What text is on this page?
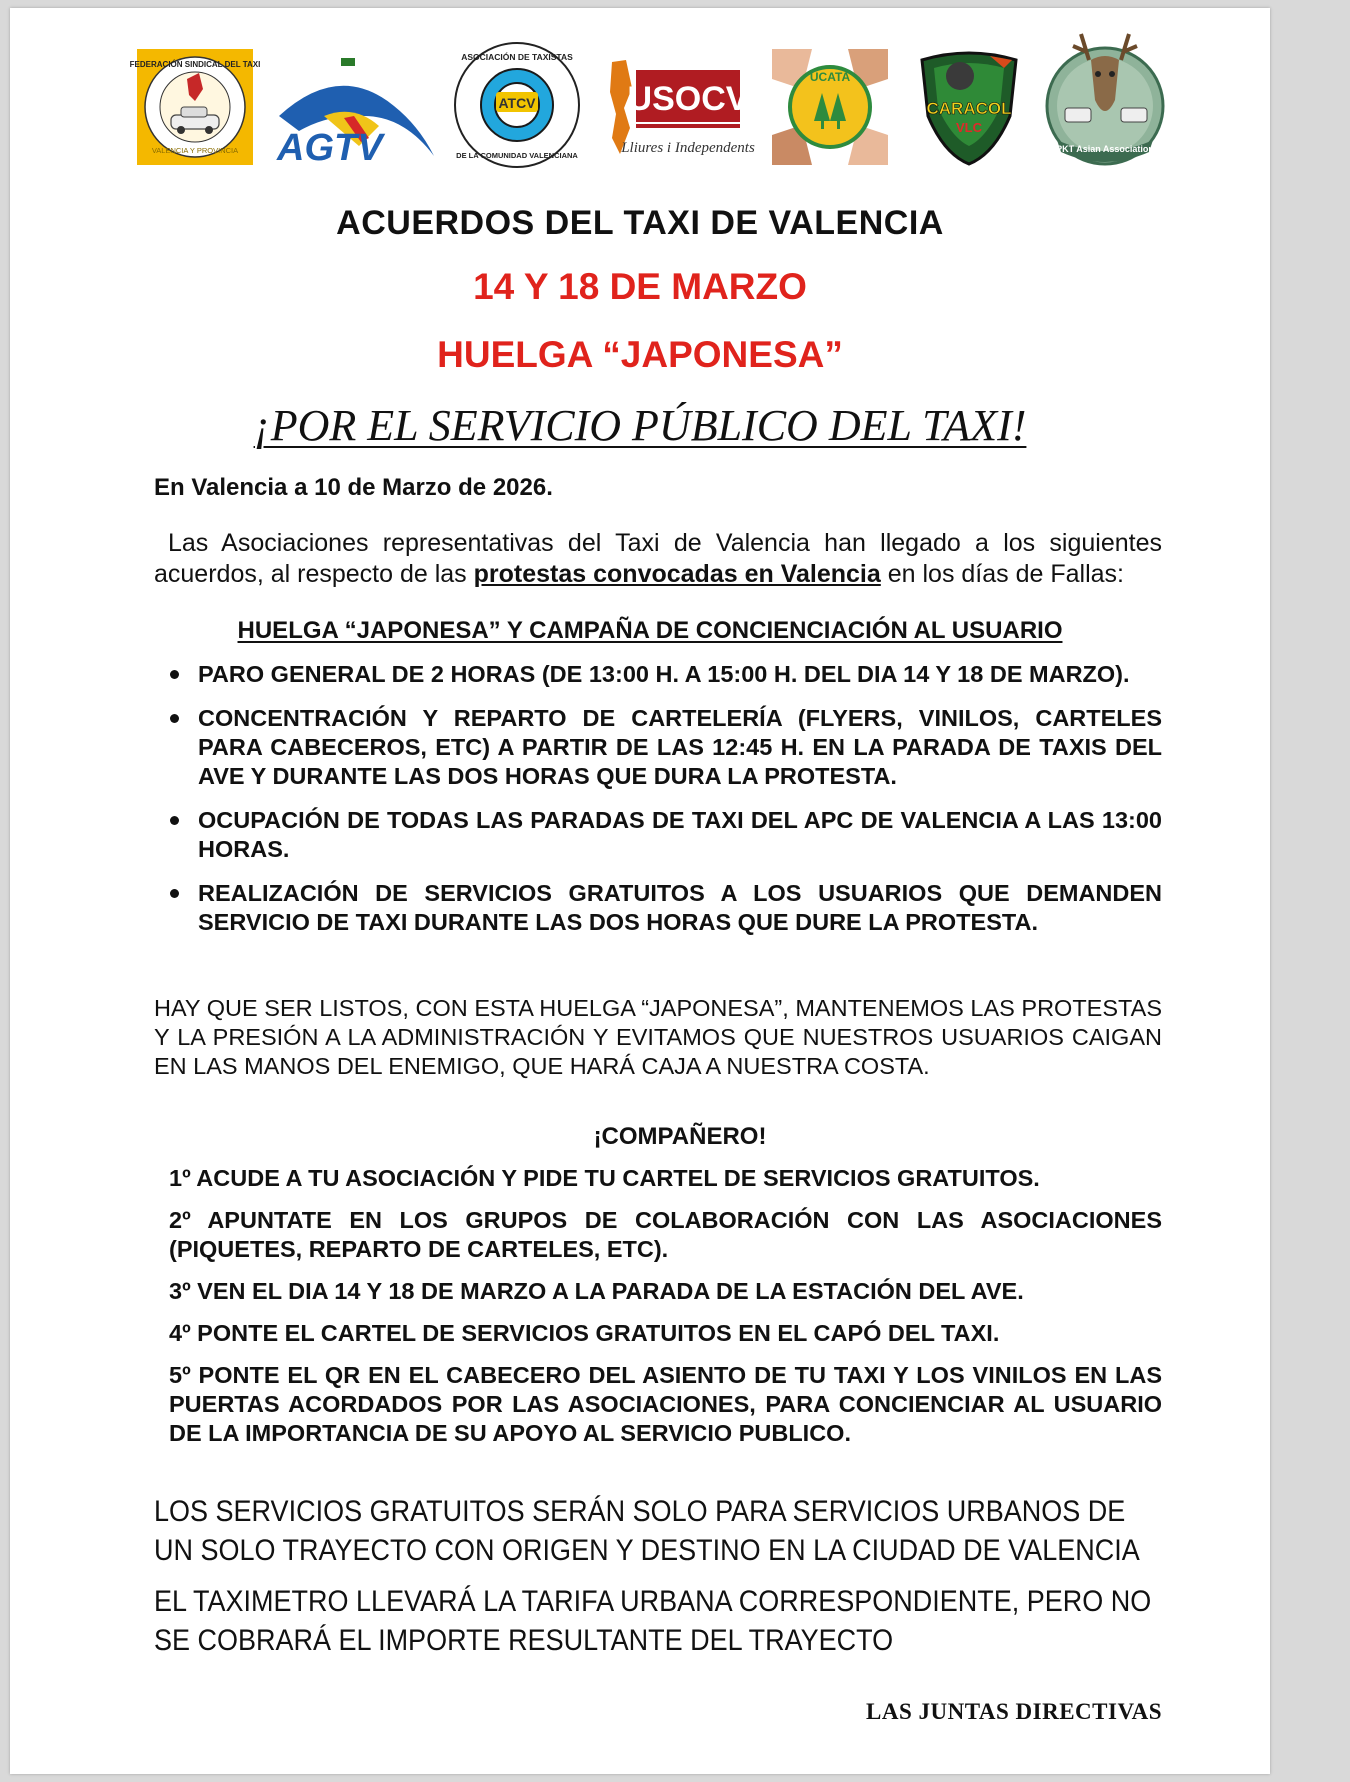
FEDERACIÓN SINDICAL DEL TAXI
VALENCIA Y PROVINCIA AGTV
ATCV
ASOCIACIÓN DE TAXISTAS
DE LA COMUNIDAD VALENCIANA
USOCV
Lliures i Independents
UCATA
CARACOL
VLC
PKT Asian Association
ACUERDOS DEL TAXI DE VALENCIA
14 Y 18 DE MARZO
HUELGA “JAPONESA”
¡POR EL SERVICIO PÚBLICO DEL TAXI!
En Valencia a 10 de Marzo de 2026.
Las Asociaciones representativas del Taxi de Valencia han llegado a los siguientes acuerdos, al respecto de las protestas convocadas en Valencia en los días de Fallas:
HUELGA “JAPONESA” Y CAMPAÑA DE CONCIENCIACIÓN AL USUARIO
PARO GENERAL DE 2 HORAS (DE 13:00 H. A 15:00 H. DEL DIA 14 Y 18 DE MARZO).
CONCENTRACIÓN Y REPARTO DE CARTELERÍA (FLYERS, VINILOS, CARTELES PARA CABECEROS, ETC) A PARTIR DE LAS 12:45 H. EN LA PARADA DE TAXIS DEL AVE Y DURANTE LAS DOS HORAS QUE DURA LA PROTESTA.
OCUPACIÓN DE TODAS LAS PARADAS DE TAXI DEL APC DE VALENCIA A LAS 13:00 HORAS.
REALIZACIÓN DE SERVICIOS GRATUITOS A LOS USUARIOS QUE DEMANDEN SERVICIO DE TAXI DURANTE LAS DOS HORAS QUE DURE LA PROTESTA.
HAY QUE SER LISTOS, CON ESTA HUELGA “JAPONESA”, MANTENEMOS LAS PROTESTAS Y LA PRESIÓN A LA ADMINISTRACIÓN Y EVITAMOS QUE NUESTROS USUARIOS CAIGAN EN LAS MANOS DEL ENEMIGO, QUE HARÁ CAJA A NUESTRA COSTA.
¡COMPAÑERO!

1º ACUDE A TU ASOCIACIÓN Y PIDE TU CARTEL DE SERVICIOS GRATUITOS.

2º APUNTATE EN LOS GRUPOS DE COLABORACIÓN CON LAS ASOCIACIONES (PIQUETES, REPARTO DE CARTELES, ETC).

3º VEN EL DIA 14 Y 18 DE MARZO A LA PARADA DE LA ESTACIÓN DEL AVE.

4º PONTE EL CARTEL DE SERVICIOS GRATUITOS EN EL CAPÓ DEL TAXI.

5º PONTE EL QR EN EL CABECERO DEL ASIENTO DE TU TAXI Y LOS VINILOS EN LAS PUERTAS ACORDADOS POR LAS ASOCIACIONES, PARA CONCIENCIAR AL USUARIO DE LA IMPORTANCIA DE SU APOYO AL SERVICIO PUBLICO.

LOS SERVICIOS GRATUITOS SERÁN SOLO PARA SERVICIOS URBANOS DE UN SOLO TRAYECTO CON ORIGEN Y DESTINO EN LA CIUDAD DE VALENCIA

EL TAXIMETRO LLEVARÁ LA TARIFA URBANA CORRESPONDIENTE, PERO NO SE COBRARÁ EL IMPORTE RESULTANTE DEL TRAYECTO

LAS JUNTAS DIRECTIVAS
